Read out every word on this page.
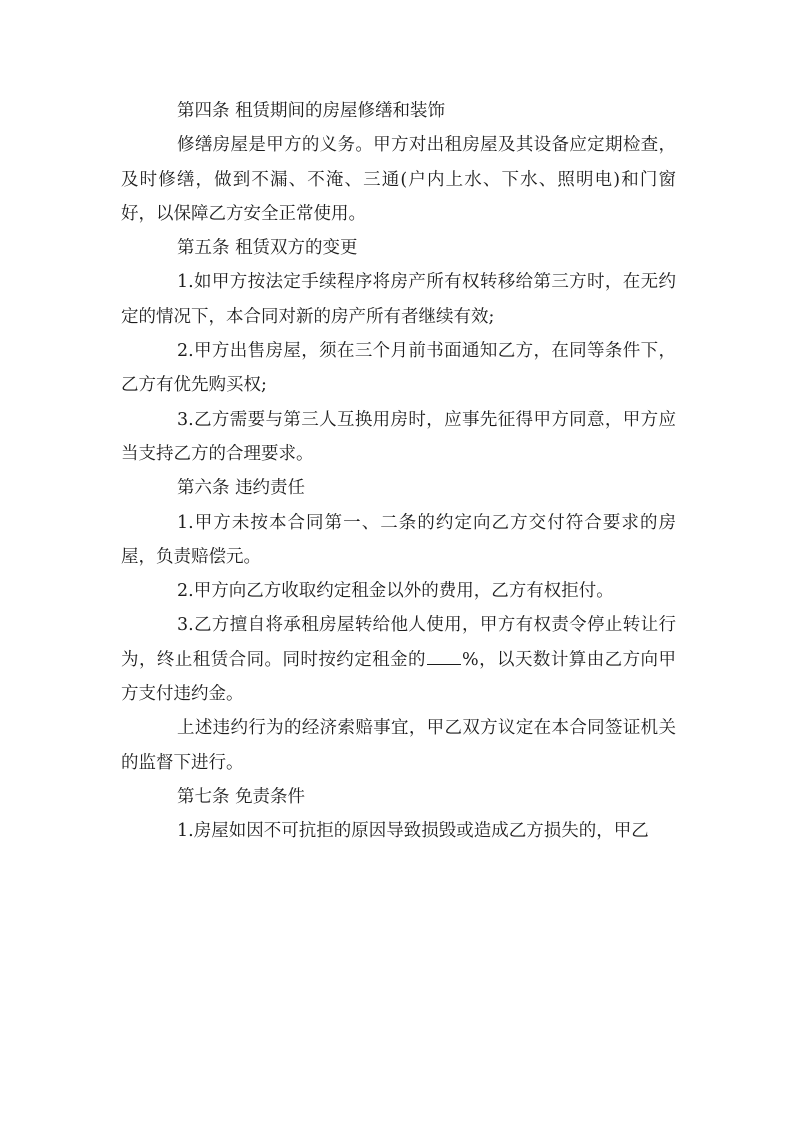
第四条 租赁期间的房屋修缮和装饰

修缮房屋是甲方的义务。甲方对出租房屋及其设备应定期检查，及时修缮，做到不漏、不淹、三通(户内上水、下水、照明电)和门窗好，以保障乙方安全正常使用。

第五条 租赁双方的变更

1.如甲方按法定手续程序将房产所有权转移给第三方时，在无约定的情况下，本合同对新的房产所有者继续有效;

2.甲方出售房屋，须在三个月前书面通知乙方，在同等条件下，乙方有优先购买权;

3.乙方需要与第三人互换用房时，应事先征得甲方同意，甲方应当支持乙方的合理要求。

第六条 违约责任

1.甲方未按本合同第一、二条的约定向乙方交付符合要求的房屋，负责赔偿元。

2.甲方向乙方收取约定租金以外的费用，乙方有权拒付。

3.乙方擅自将承租房屋转给他人使用，甲方有权责令停止转让行为，终止租赁合同。同时按约定租金的 %，以天数计算由乙方向甲方支付违约金。

上述违约行为的经济索赔事宜，甲乙双方议定在本合同签证机关的监督下进行。

第七条 免责条件

1.房屋如因不可抗拒的原因导致损毁或造成乙方损失的，甲乙
